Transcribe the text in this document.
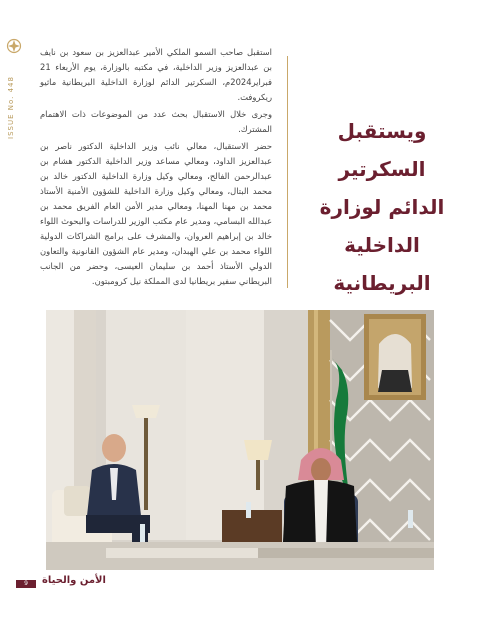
ISSUE No. 448

استقبل صاحب السمو الملكي الأمير عبدالعزيز بن سعود بن نايف بن عبدالعزيز وزير الداخلية، في مكتبه بالوزارة، يوم الأربعاء 21 فبراير2024م، السكرتير الدائم لوزارة الداخلية البريطانية ماثيو ريكروفت.

وجرى خلال الاستقبال بحث عدد من الموضوعات ذات الاهتمام المشترك.

حضر الاستقبال، معالي نائب وزير الداخلية الدكتور ناصر بن عبدالعزيز الداود، ومعالي مساعد وزير الداخلية الدكتور هشام بن عبدالرحمن الفالح، ومعالي وكيل وزارة الداخلية الدكتور خالد بن محمد البتال، ومعالي وكيل وزارة الداخلية للشؤون الأمنية الأستاذ محمد بن مهنا المهنا، ومعالي مدير الأمن العام الفريق محمد بن عبدالله البسامي، ومدير عام مكتب الوزير للدراسات والبحوث اللواء خالد بن إبراهيم العروان، والمشرف على برامج الشراكات الدولية اللواء محمد بن علي الهبدان، ومدير عام الشؤون القانونية والتعاون الدولي الأستاذ أحمد بن سليمان العيسى، وحضر من الجانب البريطاني سفير بريطانيا لدى المملكة نيل كرومبتون.

ويستقبل السكرتير
الدائم لوزارة
الداخلية البريطانية
9	الأمن والحياة
